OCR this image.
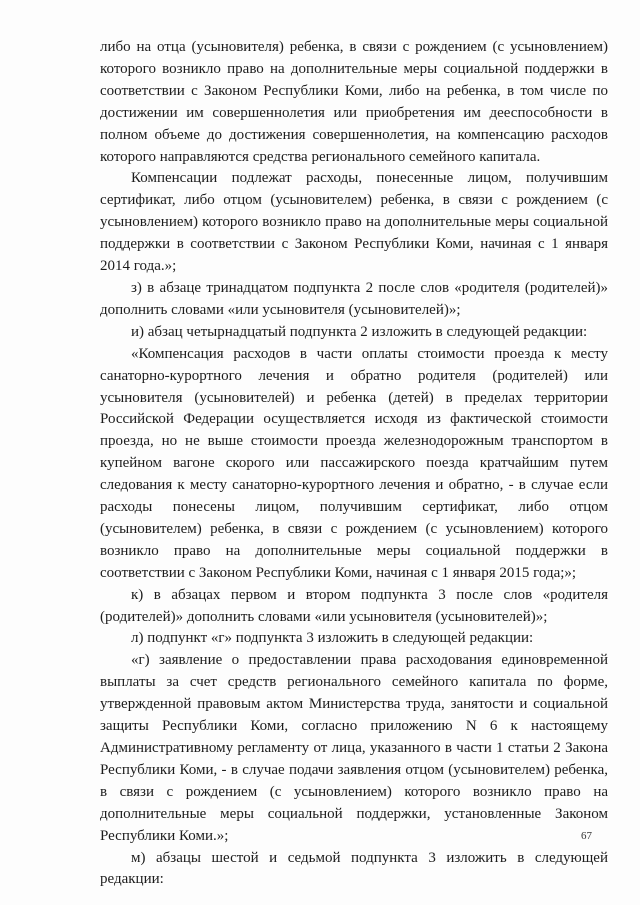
либо на отца (усыновителя) ребенка, в связи с рождением (с усыновлением) которого возникло право на дополнительные меры социальной поддержки в соответствии с Законом Республики Коми, либо на ребенка, в том числе по достижении им совершеннолетия или приобретения им дееспособности в полном объеме до достижения совершеннолетия, на компенсацию расходов которого направляются средства регионального семейного капитала.

Компенсации подлежат расходы, понесенные лицом, получившим сертификат, либо отцом (усыновителем) ребенка, в связи с рождением (с усыновлением) которого возникло право на дополнительные меры социальной поддержки в соответствии с Законом Республики Коми, начиная с 1 января 2014 года.»;

з) в абзаце тринадцатом подпункта 2 после слов «родителя (родителей)» дополнить словами «или усыновителя (усыновителей)»;

и) абзац четырнадцатый подпункта 2 изложить в следующей редакции:

«Компенсация расходов в части оплаты стоимости проезда к месту санаторно-курортного лечения и обратно родителя (родителей) или усыновителя (усыновителей) и ребенка (детей) в пределах территории Российской Федерации осуществляется исходя из фактической стоимости проезда, но не выше стоимости проезда железнодорожным транспортом в купейном вагоне скорого или пассажирского поезда кратчайшим путем следования к месту санаторно-курортного лечения и обратно, - в случае если расходы понесены лицом, получившим сертификат, либо отцом (усыновителем) ребенка, в связи с рождением (с усыновлением) которого возникло право на дополнительные меры социальной поддержки в соответствии с Законом Республики Коми, начиная с 1 января 2015 года;»;

к) в абзацах первом и втором подпункта 3 после слов «родителя (родителей)» дополнить словами «или усыновителя (усыновителей)»;

л) подпункт «г» подпункта 3 изложить в следующей редакции:

«г) заявление о предоставлении права расходования единовременной выплаты за счет средств регионального семейного капитала по форме, утвержденной правовым актом Министерства труда, занятости и социальной защиты Республики Коми, согласно приложению N 6 к настоящему Административному регламенту от лица, указанного в части 1 статьи 2 Закона Республики Коми, - в случае подачи заявления отцом (усыновителем) ребенка, в связи с рождением (с усыновлением) которого возникло право на дополнительные меры социальной поддержки, установленные Законом Республики Коми.»;

м) абзацы шестой и седьмой подпункта 3 изложить в следующей редакции:

67
